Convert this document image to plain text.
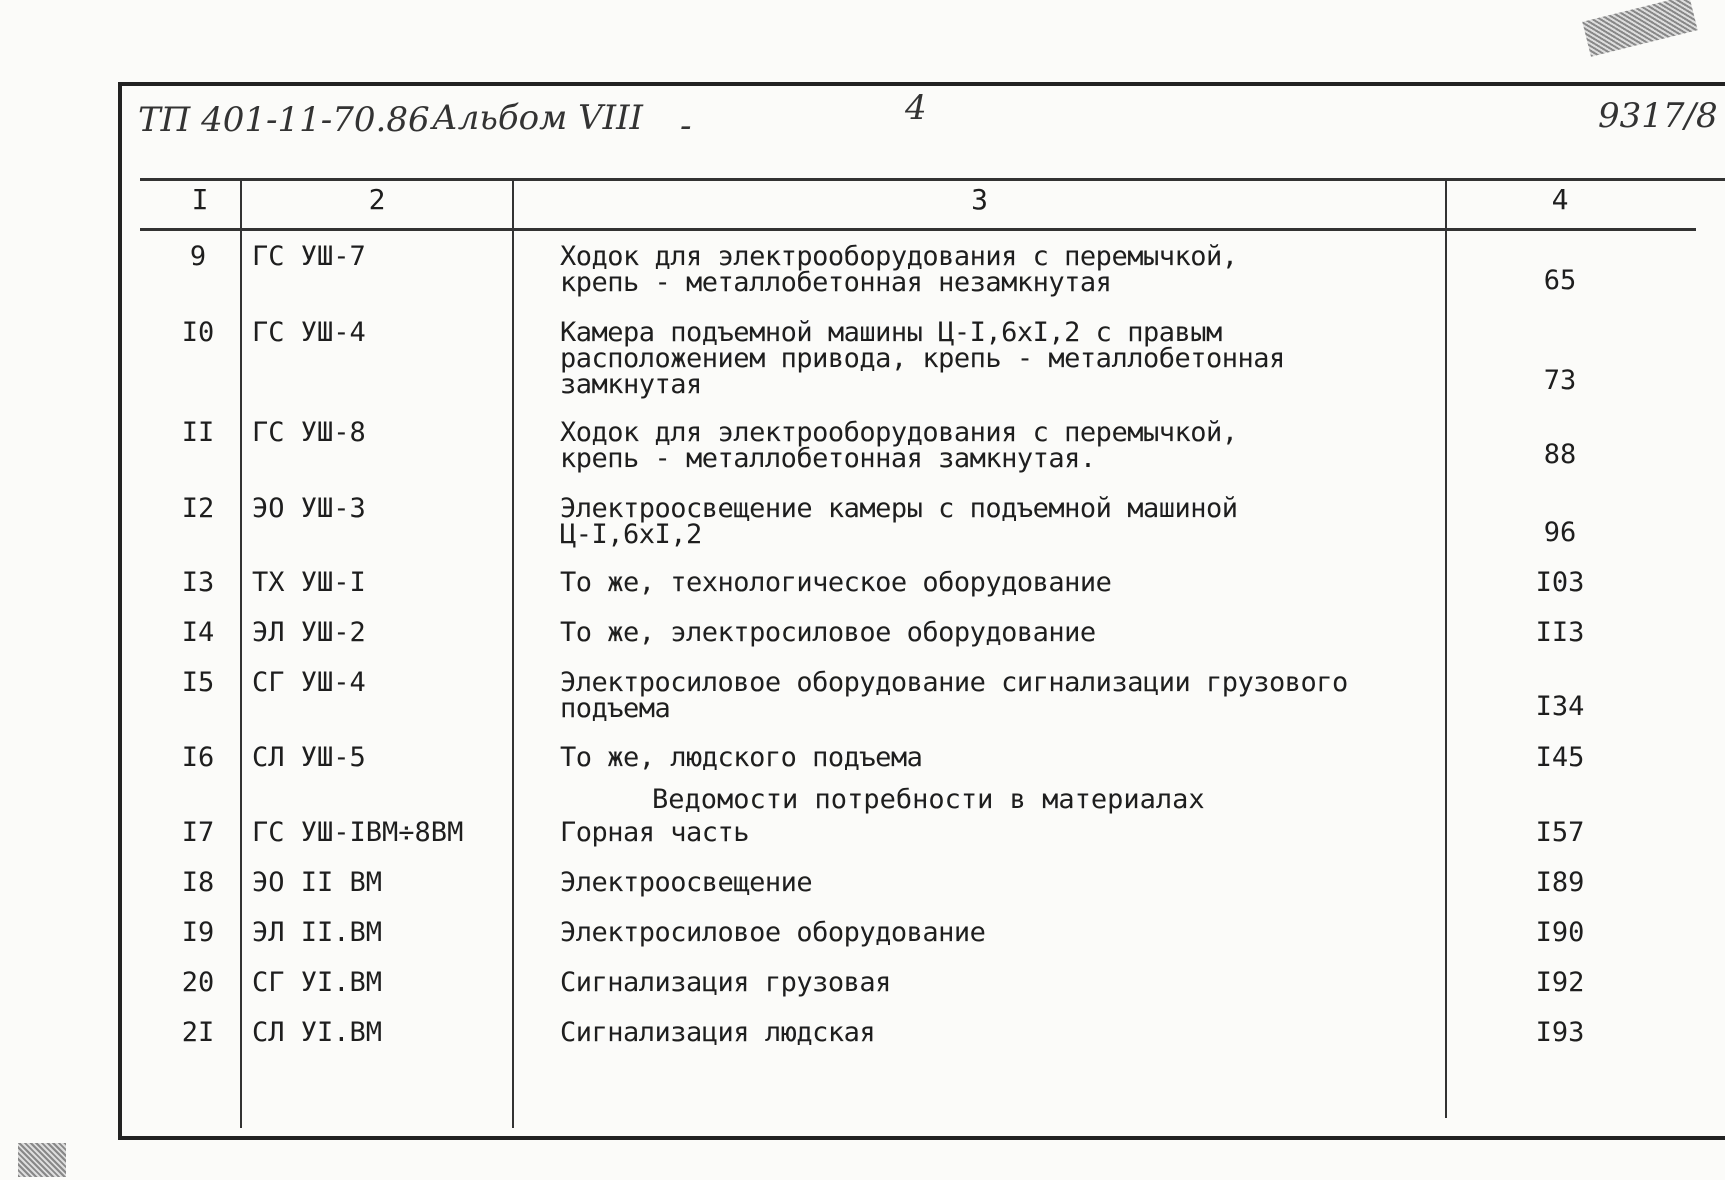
ТП 401-11-70.86 Альбом VIII -	4	9317/8
I	2	3	4
9	ГС УШ-7	Ходок для электрооборудования с перемычкой,
крепь - металлобетонная незамкнутая	65
I0	ГС УШ-4	Камера подъемной машины Ц-I,6хI,2 с правым
расположением привода, крепь - металлобетонная
замкнутая	73
II	ГС УШ-8	Ходок для электрооборудования с перемычкой,
крепь - металлобетонная замкнутая.	88
I2	ЭО УШ-3	Электроосвещение камеры с подъемной машиной
Ц-I,6хI,2	96
I3	ТХ УШ-I	То же, технологическое оборудование	I03
I4	ЭЛ УШ-2	То же, электросиловое оборудование	II3
I5	СГ УШ-4	Электросиловое оборудование сигнализации грузового
подъема	I34
I6	СЛ УШ-5	То же, людского подъема	I45
Ведомости потребности в материалах
I7	ГС УШ-IВМ÷8ВМ	Горная часть	I57
I8	ЭО II ВМ	Электроосвещение	I89
I9	ЭЛ II.ВМ	Электросиловое оборудование	I90
20	СГ УI.ВМ	Сигнализация грузовая	I92
2I	СЛ УI.ВМ	Сигнализация людская	I93
